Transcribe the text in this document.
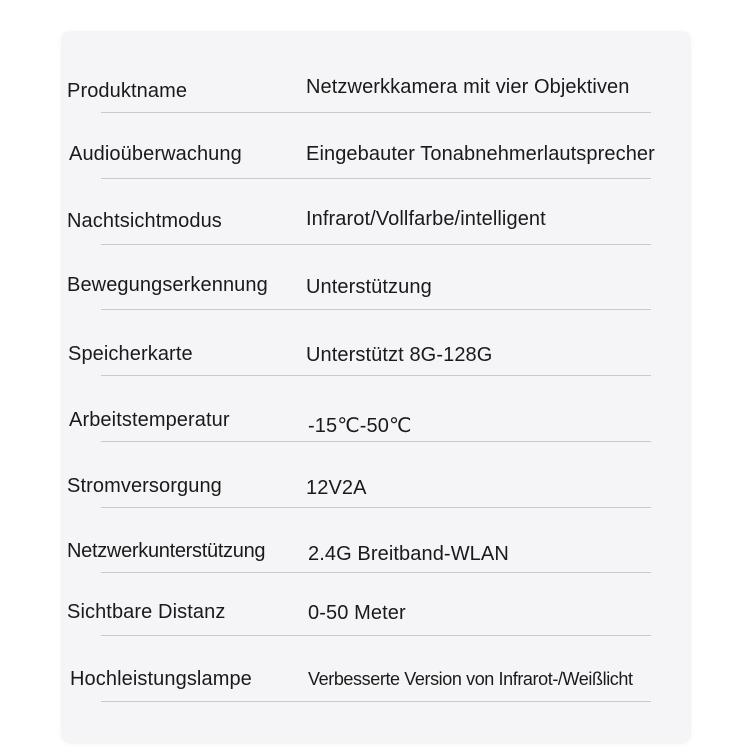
Produktname	Netzwerkkamera mit vier Objektiven
Audioüberwachung	Eingebauter Tonabnehmerlautsprecher
Nachtsichtmodus	Infrarot/Vollfarbe/intelligent
Bewegungserkennung Unterstützung
Speicherkarte	Unterstützt 8G-128G
Arbeitstemperatur	-15℃-50℃
Stromversorgung	12V2A
Netzwerkunterstützung 2.4G Breitband-WLAN
Sichtbare Distanz	0-50 Meter
Hochleistungslampe	Verbesserte Version von Infrarot-/Weißlicht
